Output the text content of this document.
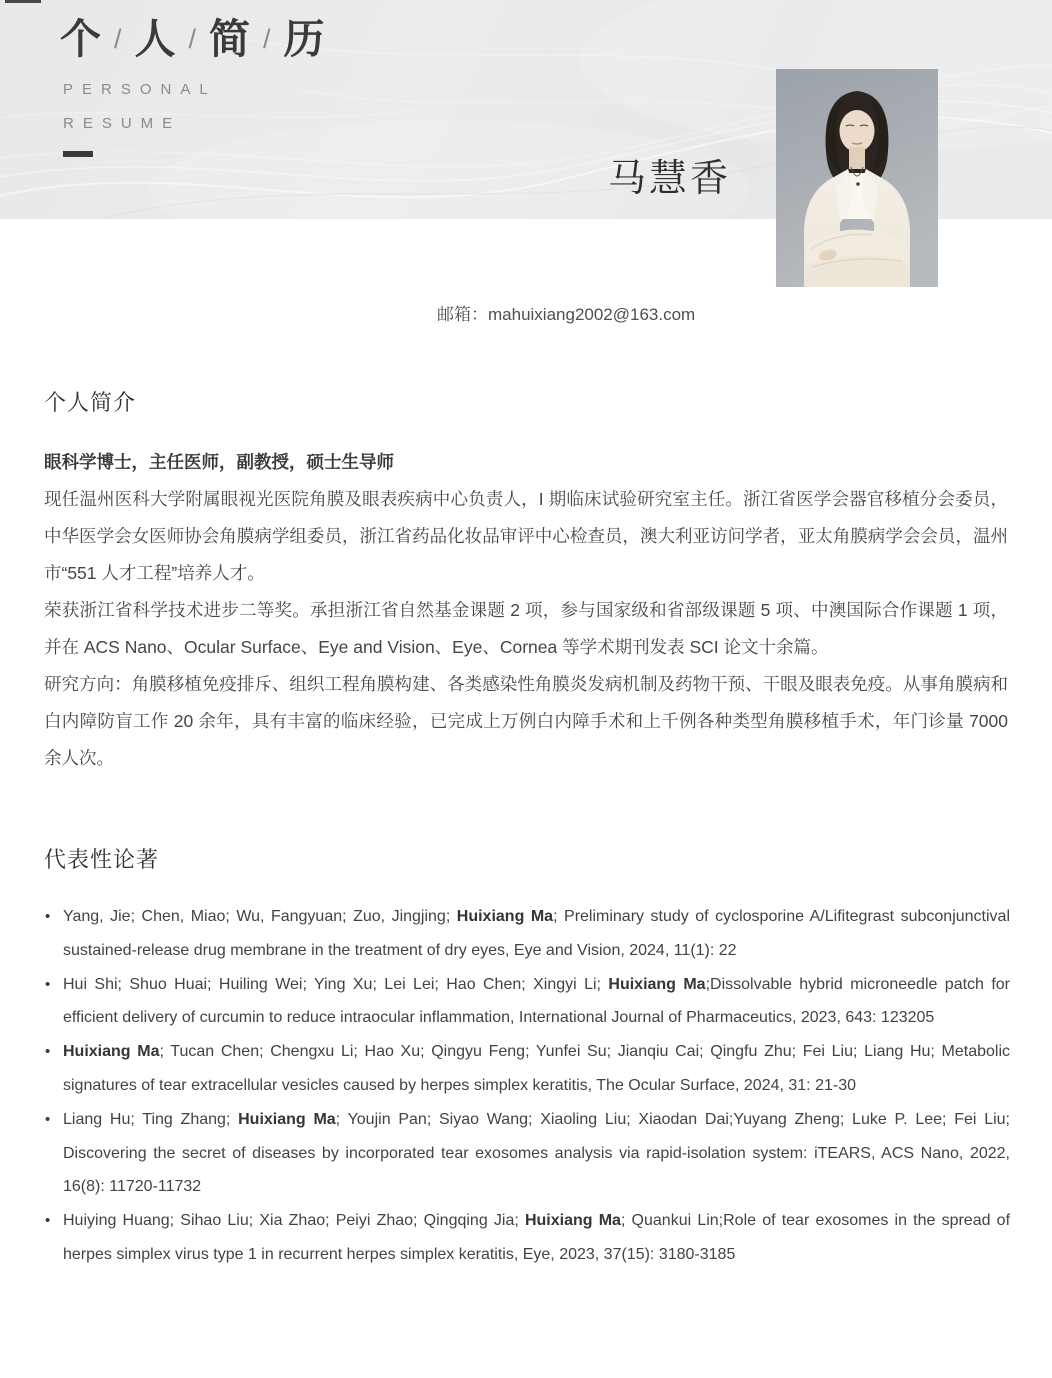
个 / 人 / 简 / 历
PERSONAL
RESUME
马慧香
邮箱：mahuixiang2002@163.com
个人简介

眼科学博士，主任医师，副教授，硕士生导师

现任温州医科大学附属眼视光医院角膜及眼表疾病中心负责人，I 期临床试验研究室主任。浙江省医学会器官移植分会委员，中华医学会女医师协会角膜病学组委员，浙江省药品化妆品审评中心检查员，澳大利亚访问学者，亚太角膜病学会会员，温州市“551 人才工程”培养人才。

荣获浙江省科学技术进步二等奖。承担浙江省自然基金课题 2 项，参与国家级和省部级课题 5 项、中澳国际合作课题 1 项，并在 ACS Nano、Ocular Surface、Eye and Vision、Eye、Cornea 等学术期刊发表 SCI 论文十余篇。

研究方向：角膜移植免疫排斥、组织工程角膜构建、各类感染性角膜炎发病机制及药物干预、干眼及眼表免疫。从事角膜病和白内障防盲工作 20 余年，具有丰富的临床经验，已完成上万例白内障手术和上千例各种类型角膜移植手术，年门诊量 7000 余人次。

代表性论著
• Yang, Jie; Chen, Miao; Wu, Fangyuan; Zuo, Jingjing; Huixiang Ma; Preliminary study of cyclosporine A/Lifitegrast subconjunctival sustained-release drug membrane in the treatment of dry eyes, Eye and Vision, 2024, 11(1): 22
• Hui Shi; Shuo Huai; Huiling Wei; Ying Xu; Lei Lei; Hao Chen; Xingyi Li; Huixiang Ma;Dissolvable hybrid microneedle patch for efficient delivery of curcumin to reduce intraocular inflammation, International Journal of Pharmaceutics, 2023, 643: 123205
• Huixiang Ma; Tucan Chen; Chengxu Li; Hao Xu; Qingyu Feng; Yunfei Su; Jianqiu Cai; Qingfu Zhu; Fei Liu; Liang Hu; Metabolic signatures of tear extracellular vesicles caused by herpes simplex keratitis, The Ocular Surface, 2024, 31: 21-30
• Liang Hu; Ting Zhang; Huixiang Ma; Youjin Pan; Siyao Wang; Xiaoling Liu; Xiaodan Dai;Yuyang Zheng; Luke P. Lee; Fei Liu; Discovering the secret of diseases by incorporated tear exosomes analysis via rapid-isolation system: iTEARS, ACS Nano, 2022, 16(8): 11720-11732
• Huiying Huang; Sihao Liu; Xia Zhao; Peiyi Zhao; Qingqing Jia; Huixiang Ma; Quankui Lin;Role of tear exosomes in the spread of herpes simplex virus type 1 in recurrent herpes simplex keratitis, Eye, 2023, 37(15): 3180-3185
